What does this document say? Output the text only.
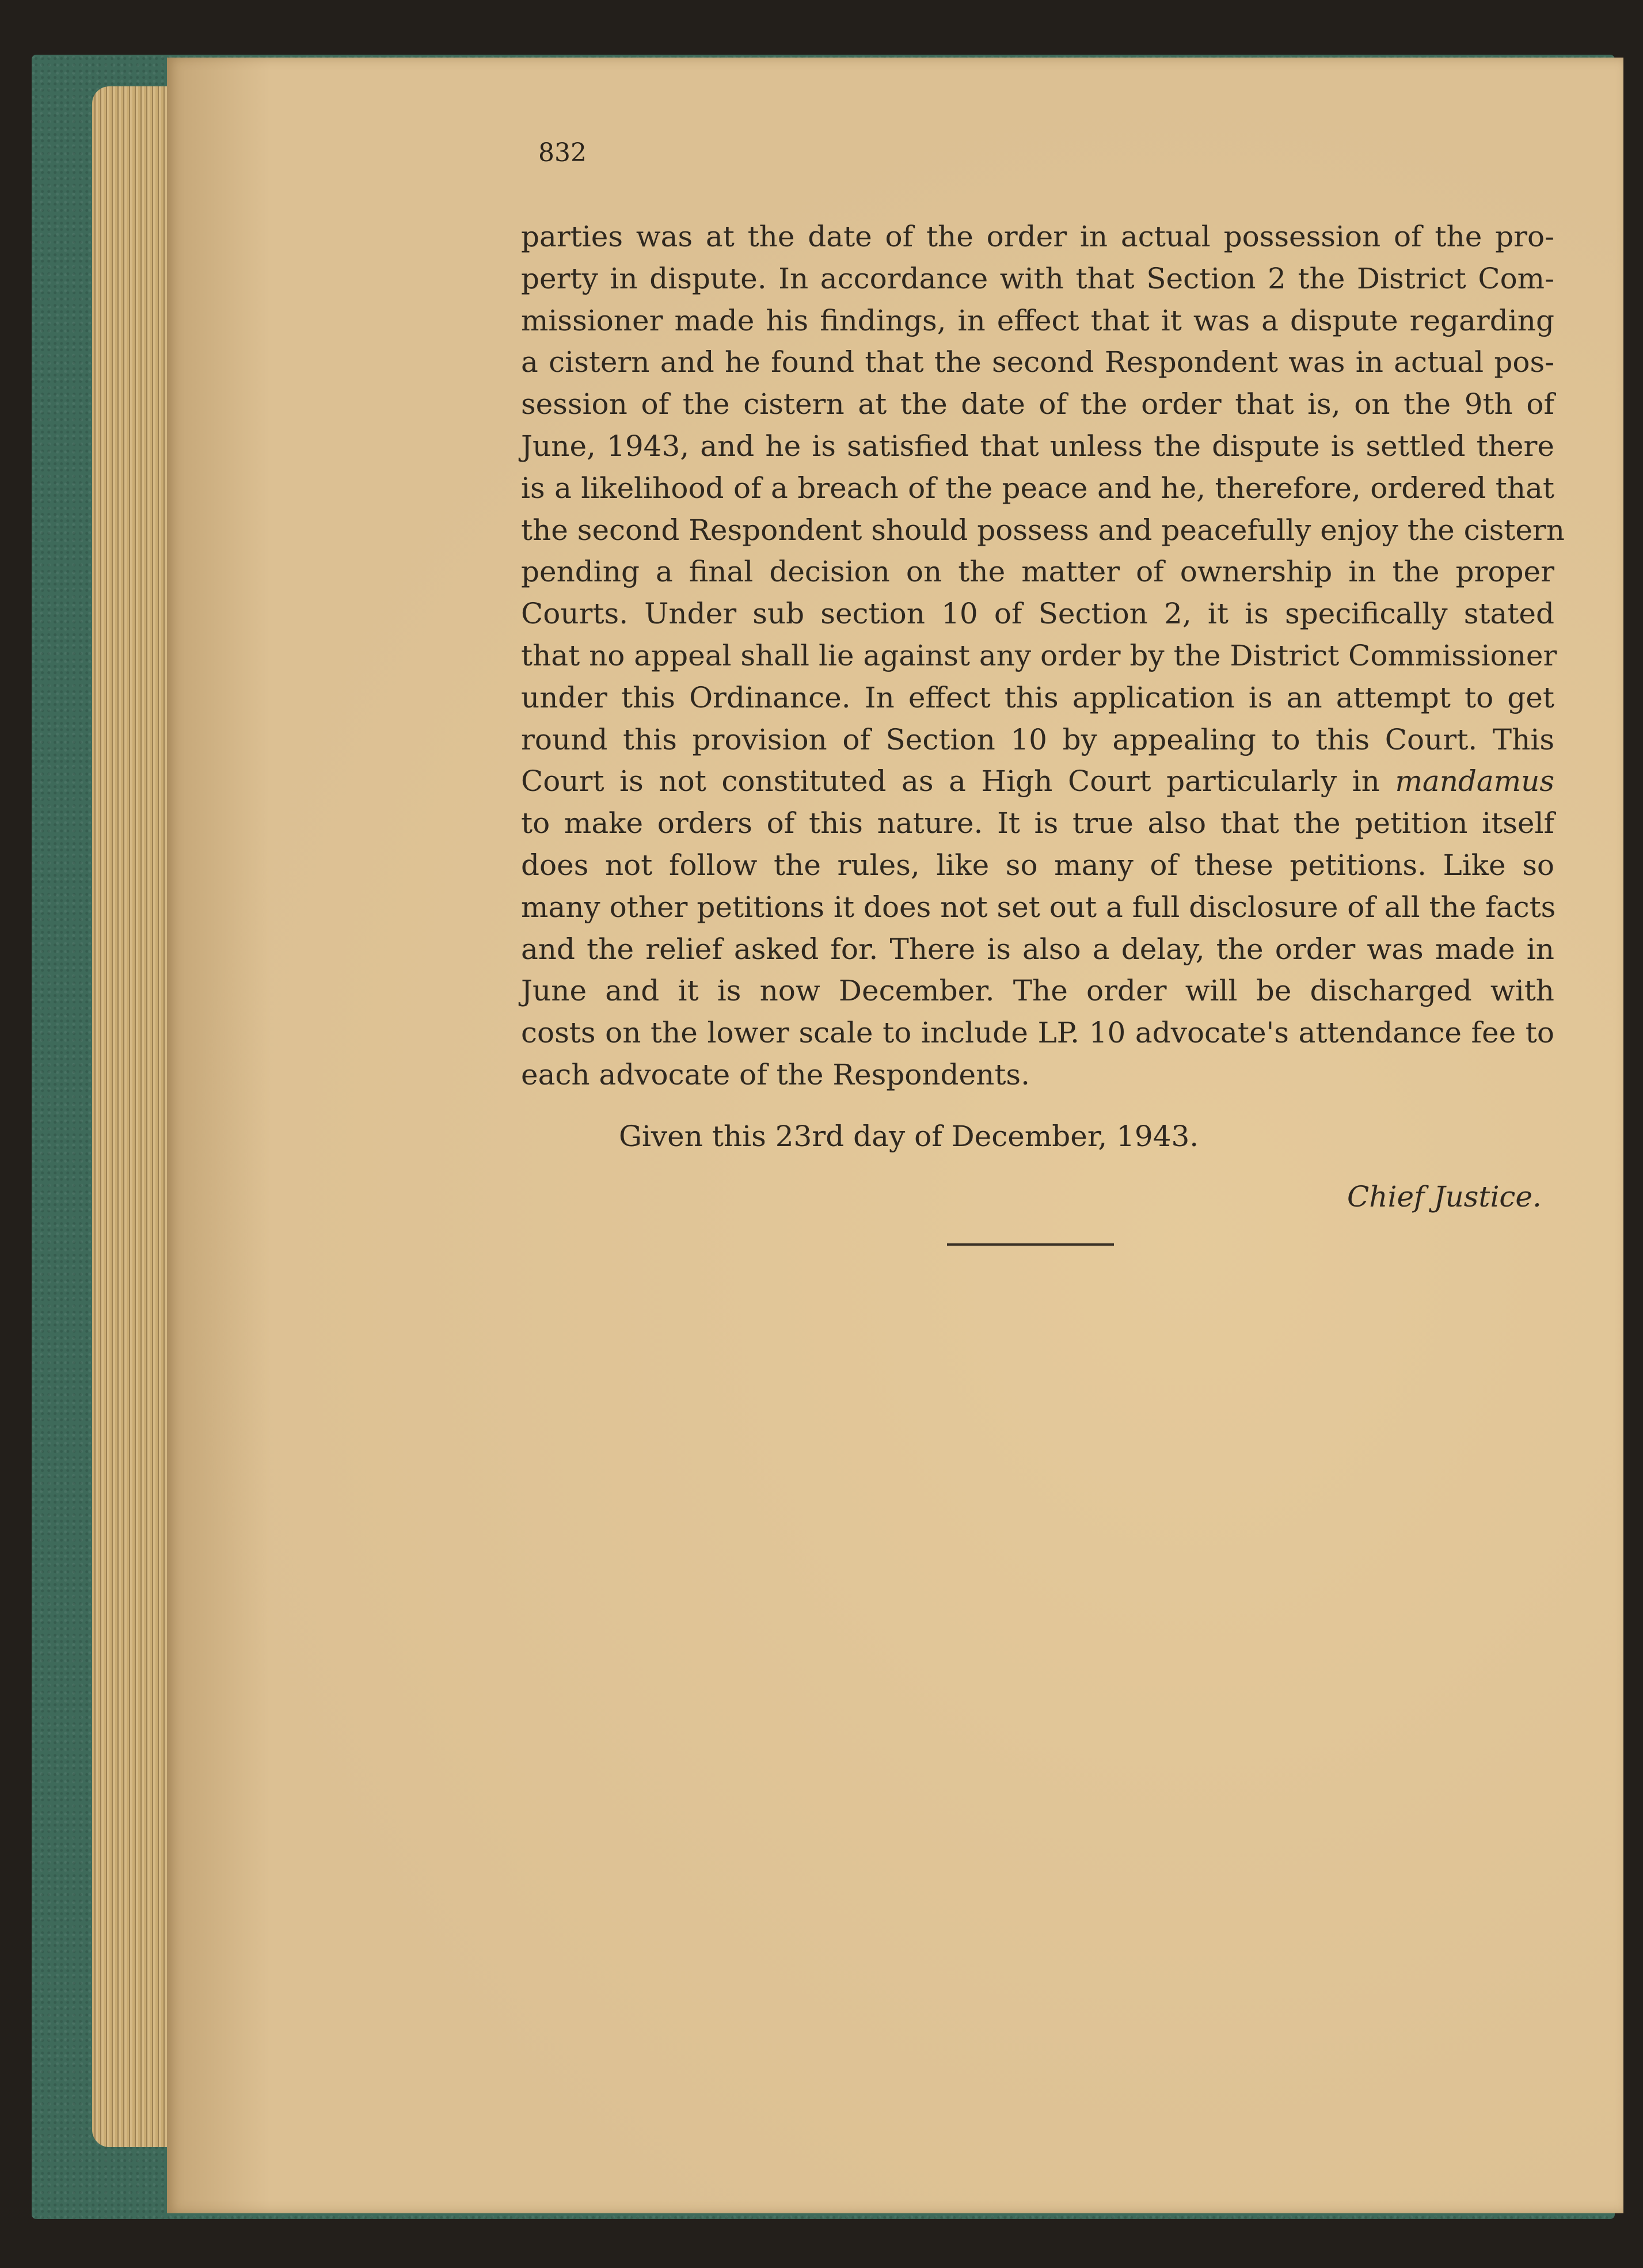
832

parties was at the date of the order in actual possession of the pro-
perty in dispute. In accordance with that Section 2 the District Com-
missioner made his findings, in effect that it was a dispute regarding
a cistern and he found that the second Respondent was in actual pos-
session of the cistern at the date of the order that is, on the 9th of
June, 1943, and he is satisfied that unless the dispute is settled there
is a likelihood of a breach of the peace and he, therefore, ordered that
the second Respondent should possess and peacefully enjoy the cistern
pending a final decision on the matter of ownership in the proper
Courts. Under sub section 10 of Section 2, it is specifically stated
that no appeal shall lie against any order by the District Commissioner
under this Ordinance. In effect this application is an attempt to get
round this provision of Section 10 by appealing to this Court. This
Court is not constituted as a High Court particularly in mandamus
to make orders of this nature. It is true also that the petition itself
does not follow the rules, like so many of these petitions. Like so
many other petitions it does not set out a full disclosure of all the facts
and the relief asked for. There is also a delay, the order was made in
June and it is now December. The order will be discharged with
costs on the lower scale to include LP. 10 advocate's attendance fee to
each advocate of the Respondents.

Given this 23rd day of December, 1943.

Chief Justice.
